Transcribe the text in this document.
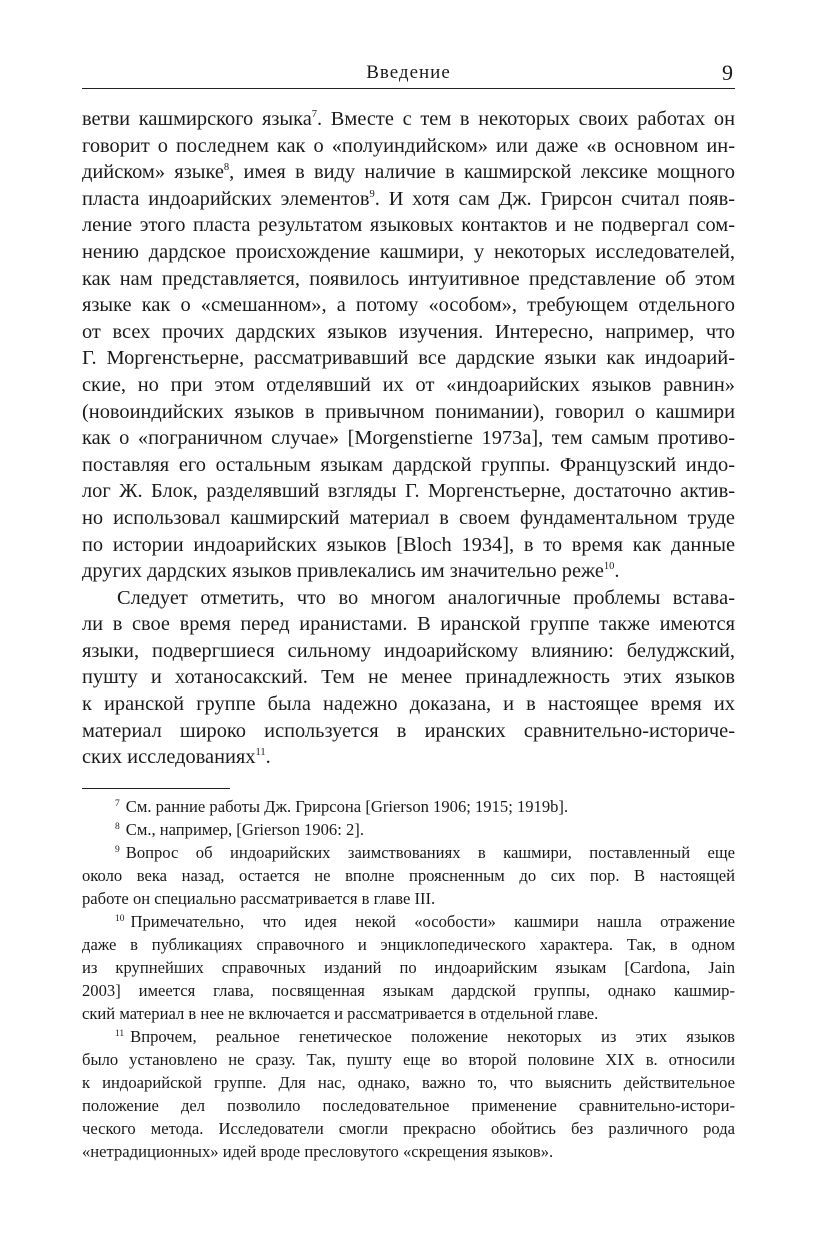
Введение	9

ветви кашмирского языка$^7$. Вместе с тем в некоторых своих работах он
говорит о последнем как о «полуиндийском» или даже «в основном ин-
дийском» языке$^8$, имея в виду наличие в кашмирской лексике мощного
пласта индоарийских элементов$^9$. И хотя сам Дж. Грирсон считал появ-
ление этого пласта результатом языковых контактов и не подвергал сом-
нению дардское происхождение кашмири, у некоторых исследователей,
как нам представляется, появилось интуитивное представление об этом
языке как о «смешанном», а потому «особом», требующем отдельного
от всех прочих дардских языков изучения. Интересно, например, что
Г. Моргенстьерне, рассматривавший все дардские языки как индоарий-
ские, но при этом отделявший их от «индоарийских языков равнин»
(новоиндийских языков в привычном понимании), говорил о кашмири
как о «пограничном случае» [Morgenstierne 1973a], тем самым противо-
поставляя его остальным языкам дардской группы. Французский индо-
лог Ж. Блок, разделявший взгляды Г. Моргенстьерне, достаточно актив-
но использовал кашмирский материал в своем фундаментальном труде
по истории индоарийских языков [Bloch 1934], в то время как данные
других дардских языков привлекались им значительно реже$^{10}$.

Следует отметить, что во многом аналогичные проблемы вставa-
ли в свое время перед иранистами. В иранской группе также имеются
языки, подвергшиеся сильному индоарийскому влиянию: белуджский,
пушту и хотаносакский. Тем не менее принадлежность этих языков
к иранской группе была надежно доказана, и в настоящее время их
материал широко используется в иранских сравнительно-историче-
ских исследованиях$^{11}$.

$^7$ См. ранние работы Дж. Грирсона [Grierson 1906; 1915; 1919b].
$^8$ См., например, [Grierson 1906: 2].
$^9$ Вопрос об индоарийских заимствованиях в кашмири, поставленный еще
около века назад, остается не вполне проясненным до сих пор. В настоящей
работе он специально рассматривается в главе III.
$^{10}$ Примечательно, что идея некой «особости» кашмири нашла отражение
даже в публикациях справочного и энциклопедического характера. Так, в одном
из крупнейших справочных изданий по индоарийским языкам [Cardona, Jain
2003] имеется глава, посвященная языкам дардской группы, однако кашмир-
ский материал в нее не включается и рассматривается в отдельной главе.
$^{11}$ Впрочем, реальное генетическое положение некоторых из этих языков
было установлено не сразу. Так, пушту еще во второй половине XIX в. относили
к индоарийской группе. Для нас, однако, важно то, что выяснить действительное
положение дел позволило последовательное применение сравнительно-истори-
ческого метода. Исследователи смогли прекрасно обойтись без различного рода
«нетрадиционных» идей вроде пресловутого «скрещения языков».
